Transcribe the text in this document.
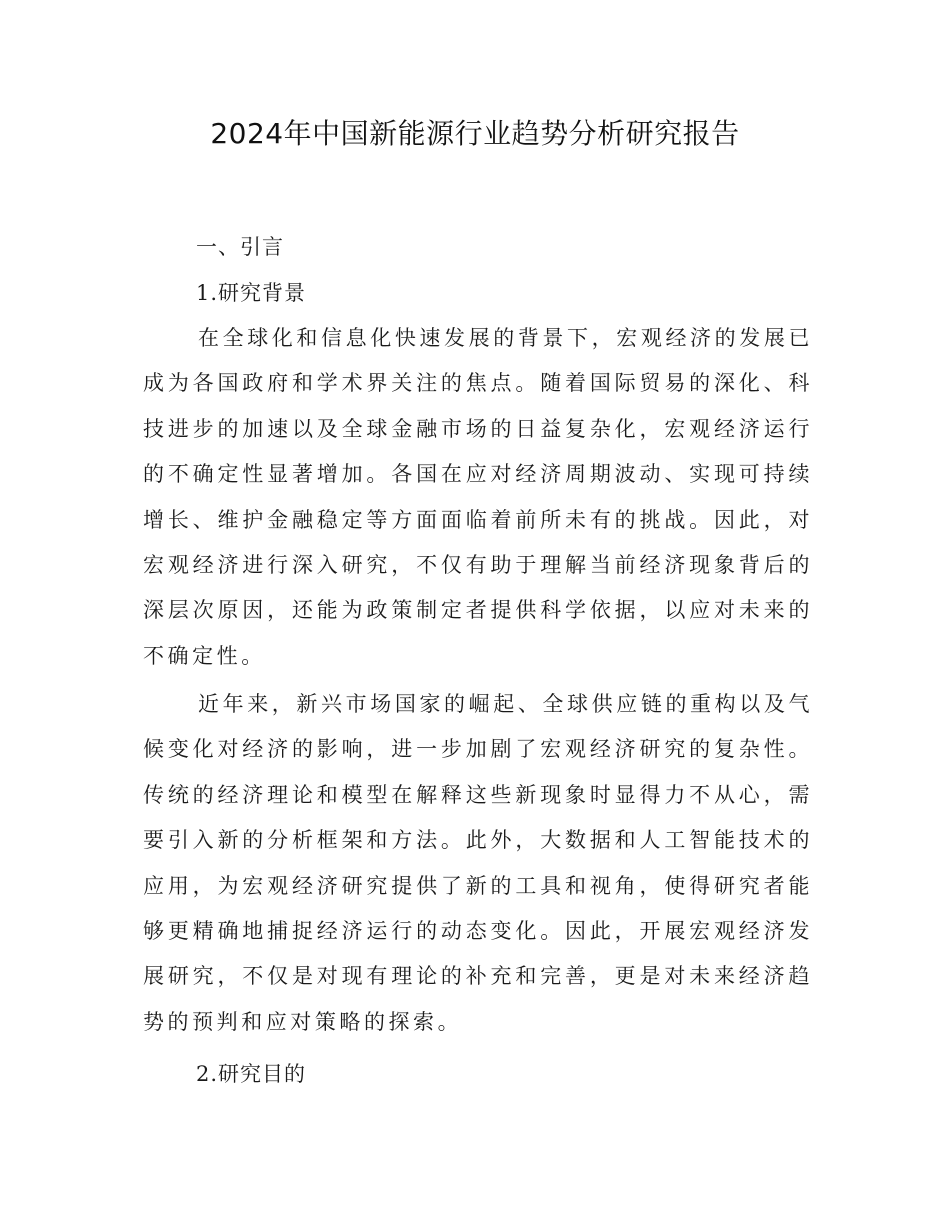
2024年中国新能源行业趋势分析研究报告
一、引言
1.研究背景

在全球化和信息化快速发展的背景下，宏观经济的发展已成为各国政府和学术界关注的焦点。随着国际贸易的深化、科技进步的加速以及全球金融市场的日益复杂化，宏观经济运行的不确定性显著增加。各国在应对经济周期波动、实现可持续增长、维护金融稳定等方面面临着前所未有的挑战。因此，对宏观经济进行深入研究，不仅有助于理解当前经济现象背后的深层次原因，还能为政策制定者提供科学依据，以应对未来的不确定性。

近年来，新兴市场国家的崛起、全球供应链的重构以及气候变化对经济的影响，进一步加剧了宏观经济研究的复杂性。传统的经济理论和模型在解释这些新现象时显得力不从心，需要引入新的分析框架和方法。此外，大数据和人工智能技术的应用，为宏观经济研究提供了新的工具和视角，使得研究者能够更精确地捕捉经济运行的动态变化。因此，开展宏观经济发展研究，不仅是对现有理论的补充和完善，更是对未来经济趋势的预判和应对策略的探索。

2.研究目的
